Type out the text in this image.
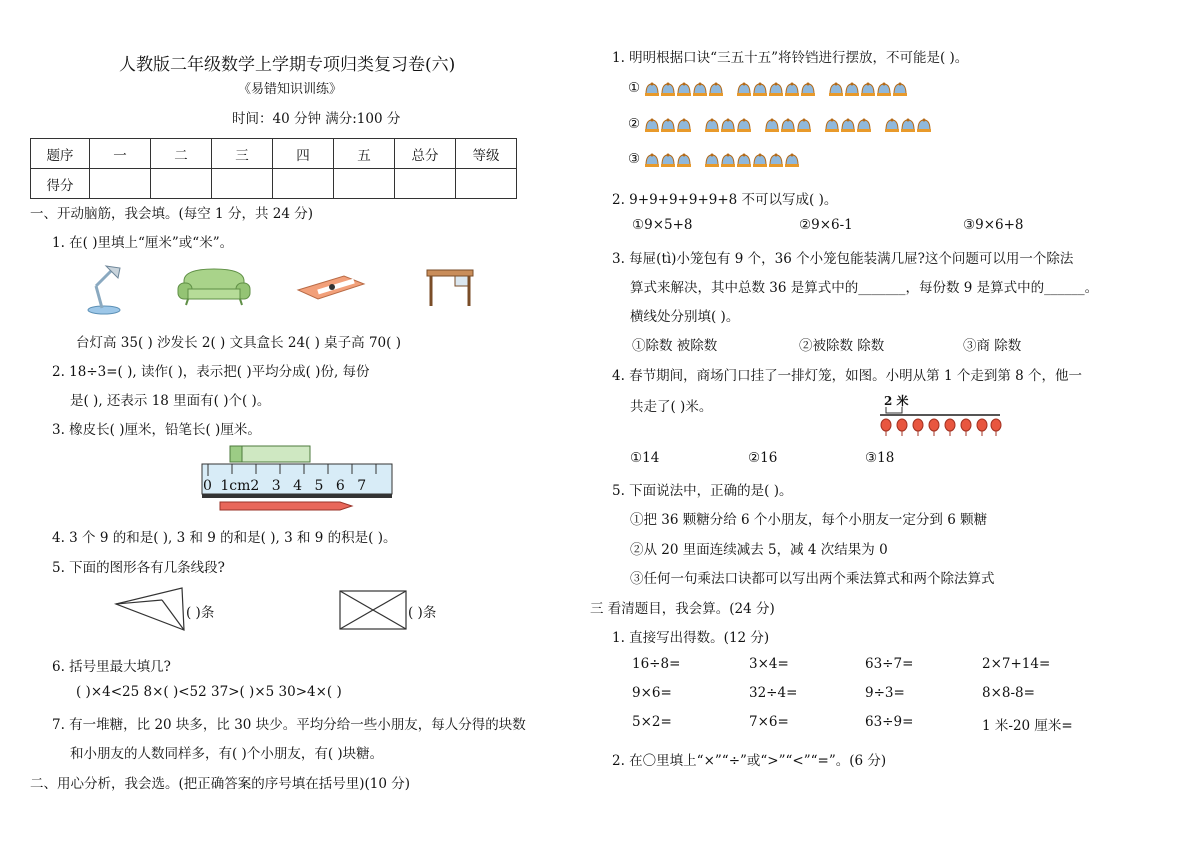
人教版二年级数学上学期专项归类复习卷(六)
《易错知识训练》
时间：40 分钟 满分:100 分
题序	一	二	三	四	五	总分	等级
得分							
一、开动脑筋，我会填。(每空 1 分，共 24 分)
1. 在( )里填上“厘米”或“米”。
台灯高 35( ) 沙发长 2( ) 文具盒长 24( ) 桌子高 70( )
2. 18÷3=( ), 读作( )，表示把( )平均分成( )份, 每份
是( ), 还表示 18 里面有( )个( )。
3. 橡皮长( )厘米，铅笔长( )厘米。
0 1cm2 3 4 5 6 7
4. 3 个 9 的和是( ), 3 和 9 的和是( ), 3 和 9 的积是( )。
5. 下面的图形各有几条线段?
( )条	( )条
6. 括号里最大填几?
( )×4<25 8×( )<52 37>( )×5 30>4×( )
7. 有一堆糖，比 20 块多，比 30 块少。平均分给一些小朋友，每人分得的块数
和小朋友的人数同样多，有( )个小朋友，有( )块糖。
二、用心分析，我会选。(把正确答案的序号填在括号里)(10 分)
1. 明明根据口诀“三五十五”将铃铛进行摆放，不可能是( )。
①
②
③
2. 9+9+9+9+9+8 不可以写成( )。
①9×5+8	②9×6-1	③9×6+8
3. 每屉(tì)小笼包有 9 个，36 个小笼包能装满几屉?这个问题可以用一个除法
算式来解决，其中总数 36 是算式中的_______，每份数 9 是算式中的______。
横线处分别填( )。
①除数 被除数	②被除数 除数	③商 除数
4. 春节期间，商场门口挂了一排灯笼，如图。小明从第 1 个走到第 8 个，他一
共走了( )米。	2 米
①14	②16	③18
5. 下面说法中，正确的是( )。
①把 36 颗糖分给 6 个小朋友，每个小朋友一定分到 6 颗糖
②从 20 里面连续减去 5，减 4 次结果为 0
③任何一句乘法口诀都可以写出两个乘法算式和两个除法算式
三 看清题目，我会算。(24 分)
1. 直接写出得数。(12 分)
16÷8=	3×4=	63÷7=	2×7+14=
9×6=	32÷4=	9÷3=	8×8-8=
5×2=	7×6=	63÷9=	1 米-20 厘米=
2. 在〇里填上“×”“÷”或“>”“<”“=”。(6 分)
